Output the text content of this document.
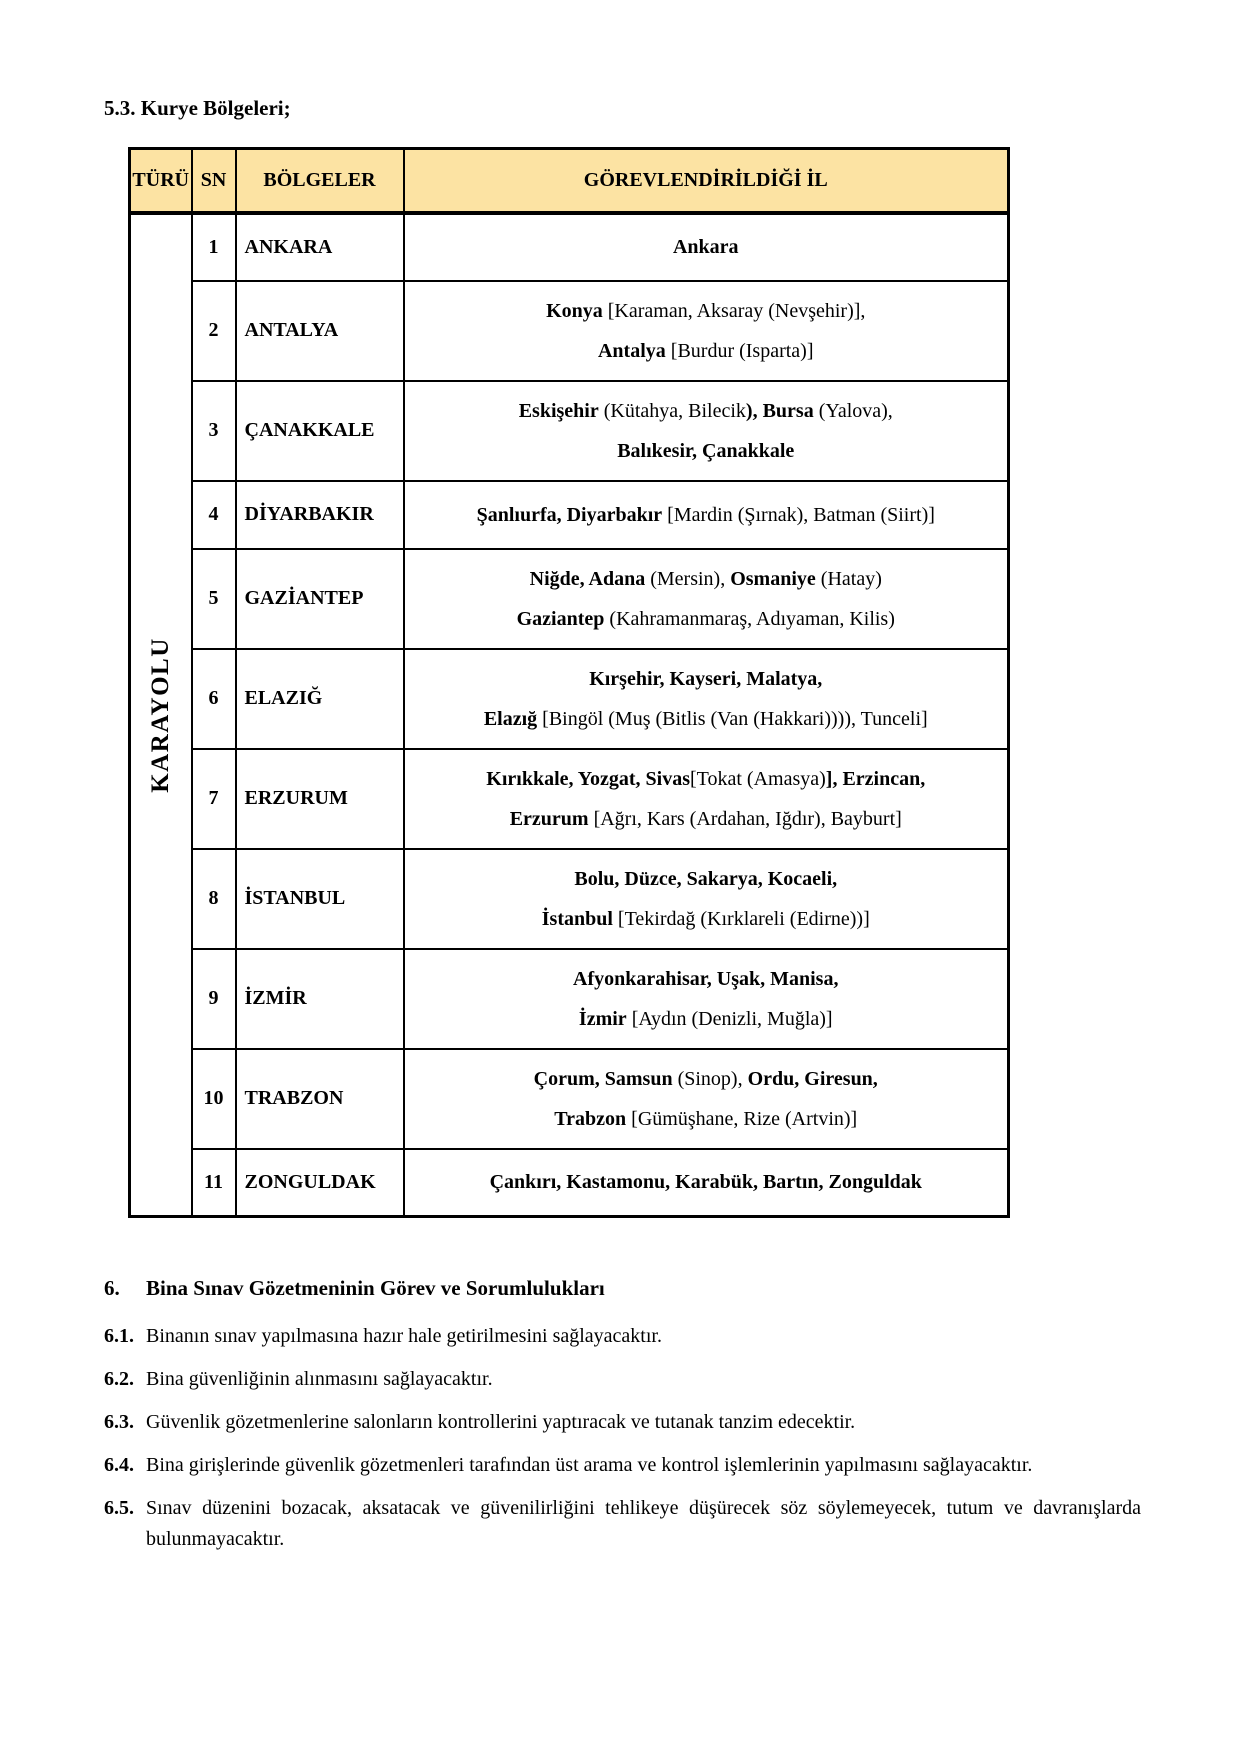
5.3. Kurye Bölgeleri;
TÜRÜ	SN	BÖLGELER	GÖREVLENDİRİLDİĞİ İL

KARAYOLU	1	ANKARA	Ankara

	2	ANTALYA	Konya [Karaman, Aksaray (Nevşehir)],
Antalya [Burdur (Isparta)]

	3	ÇANAKKALE	Eskişehir (Kütahya, Bilecik), Bursa (Yalova),
Balıkesir, Çanakkale

	4	DİYARBAKIR	Şanlıurfa, Diyarbakır [Mardin (Şırnak), Batman (Siirt)]

	5	GAZİANTEP	Niğde, Adana (Mersin), Osmaniye (Hatay)
Gaziantep (Kahramanmaraş, Adıyaman, Kilis)

	6	ELAZIĞ	Kırşehir, Kayseri, Malatya,
Elazığ [Bingöl (Muş (Bitlis (Van (Hakkari)))), Tunceli]

	7	ERZURUM	Kırıkkale, Yozgat, Sivas[Tokat (Amasya)], Erzincan,
Erzurum [Ağrı, Kars (Ardahan, Iğdır), Bayburt]

	8	İSTANBUL	Bolu, Düzce, Sakarya, Kocaeli,
İstanbul [Tekirdağ (Kırklareli (Edirne))]

	9	İZMİR	Afyonkarahisar, Uşak, Manisa,
İzmir [Aydın (Denizli, Muğla)]

	10	TRABZON	Çorum, Samsun (Sinop), Ordu, Giresun,
Trabzon [Gümüşhane, Rize (Artvin)]

	11	ZONGULDAK	Çankırı, Kastamonu, Karabük, Bartın, Zonguldak
6.	Bina Sınav Gözetmeninin Görev ve Sorumlulukları
6.1. Binanın sınav yapılmasına hazır hale getirilmesini sağlayacaktır.
6.2. Bina güvenliğinin alınmasını sağlayacaktır.
6.3. Güvenlik gözetmenlerine salonların kontrollerini yaptıracak ve tutanak tanzim edecektir.
6.4. Bina girişlerinde güvenlik gözetmenleri tarafından üst arama ve kontrol işlemlerinin yapılmasını sağlayacaktır.
6.5. Sınav düzenini bozacak, aksatacak ve güvenilirliğini tehlikeye düşürecek söz söylemeyecek, tutum ve davranışlarda bulunmayacaktır.
